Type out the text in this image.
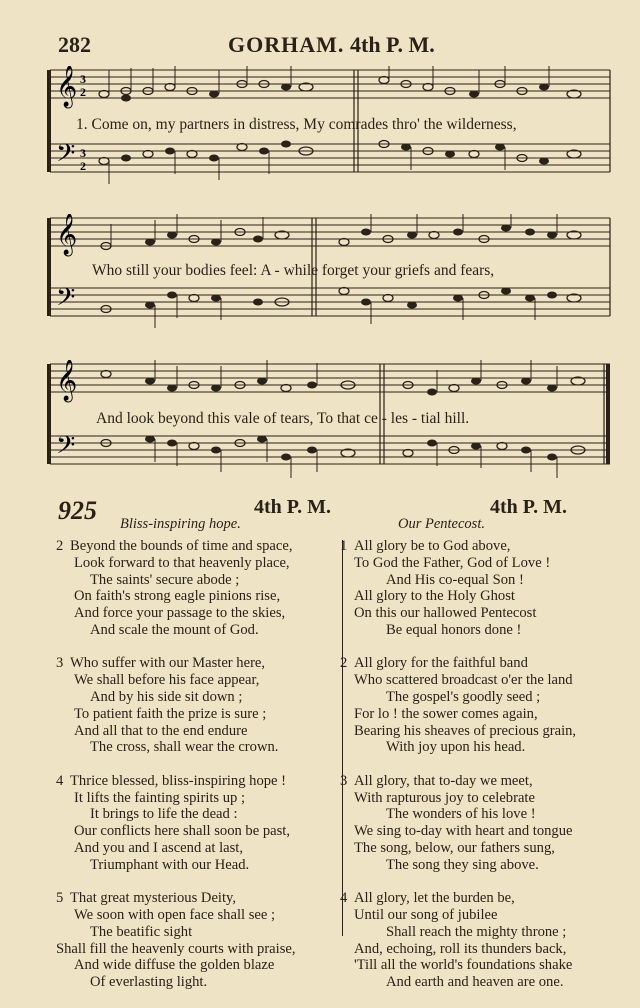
282	GORHAM. 4th P. M.
𝄞
𝄢
3
2
3
2
1. Come on, my partners in distress, My comrades thro' the wilderness,
𝄞
𝄢
Who still your bodies feel: A - while forget your griefs and fears,
𝄞
𝄢
And look beyond this vale of tears, To that ce - les - tial hill.
925	4th P. M.	4th P. M.
Bliss-inspiring hope.	Our Pentecost.
2 Beyond the bounds of time and space,
Look forward to that heavenly place,
The saints' secure abode ;
On faith's strong eagle pinions rise,
And force your passage to the skies,
And scale the mount of God.
3 Who suffer with our Master here,
We shall before his face appear,
And by his side sit down ;
To patient faith the prize is sure ;
And all that to the end endure
The cross, shall wear the crown.
4 Thrice blessed, bliss-inspiring hope !
It lifts the fainting spirits up ;
It brings to life the dead :
Our conflicts here shall soon be past,
And you and I ascend at last,
Triumphant with our Head.
5 That great mysterious Deity,
We soon with open face shall see ;
The beatific sight
Shall fill the heavenly courts with praise,
And wide diffuse the golden blaze
Of everlasting light.
1 All glory be to God above,
To God the Father, God of Love !
And His co-equal Son !
All glory to the Holy Ghost
On this our hallowed Pentecost
Be equal honors done !
2 All glory for the faithful band
Who scattered broadcast o'er the land
The gospel's goodly seed ;
For lo ! the sower comes again,
Bearing his sheaves of precious grain,
With joy upon his head.
3 All glory, that to-day we meet,
With rapturous joy to celebrate
The wonders of his love !
We sing to-day with heart and tongue
The song, below, our fathers sung,
The song they sing above.
4 All glory, let the burden be,
Until our song of jubilee
Shall reach the mighty throne ;
And, echoing, roll its thunders back,
'Till all the world's foundations shake
And earth and heaven are one.
